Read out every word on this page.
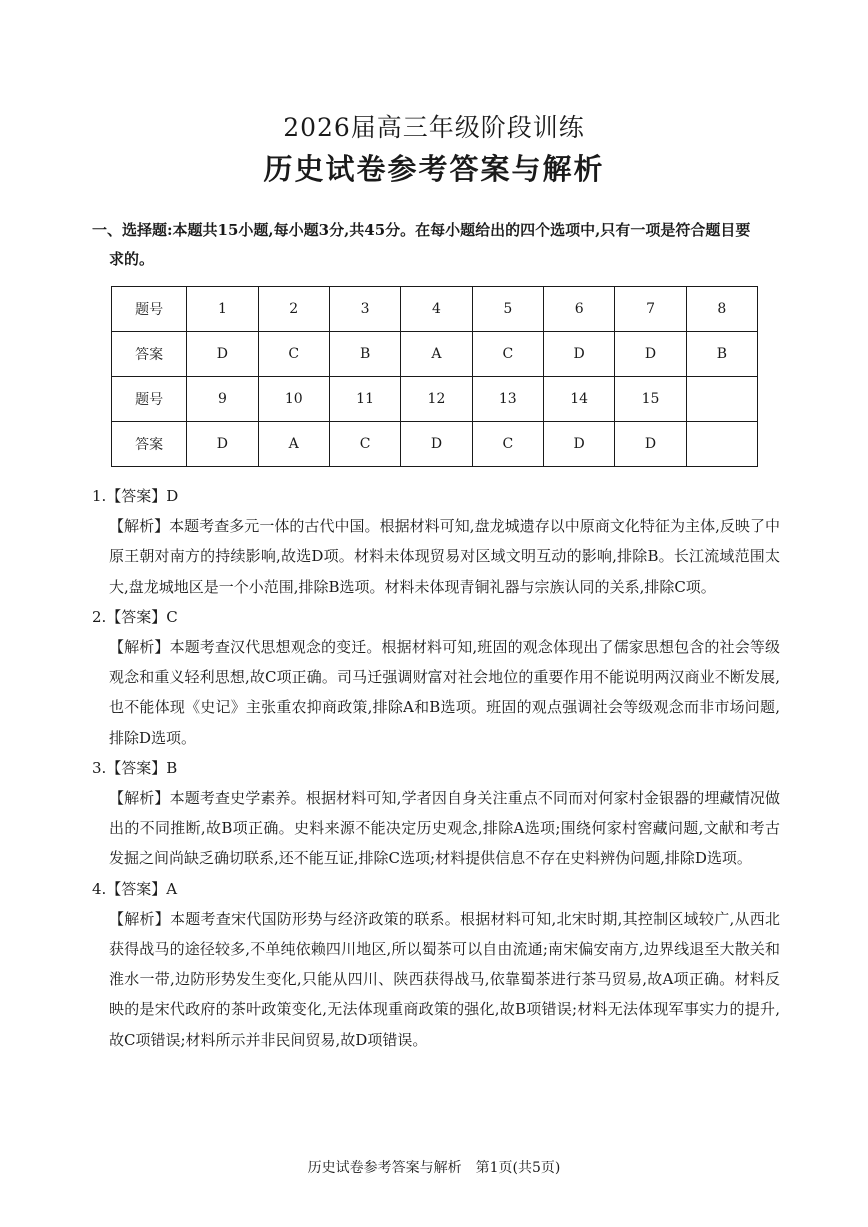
2026届高三年级阶段训练
历史试卷参考答案与解析
一、选择题:本题共15小题,每小题3分,共45分。在每小题给出的四个选项中,只有一项是符合题目要
求的。
题号	1	2	3	4	5	6	7	8
答案	D	C	B	A	C	D	D	B
题号	9	10	11	12	13	14	15	
答案	D	A	C	D	C	D	D	
1.【答案】D
【解析】本题考查多元一体的古代中国。根据材料可知,盘龙城遗存以中原商文化特征为主体,反映了中原王朝对南方的持续影响,故选D项。材料未体现贸易对区域文明互动的影响,排除B。长江流域范围太大,盘龙城地区是一个小范围,排除B选项。材料未体现青铜礼器与宗族认同的关系,排除C项。
2.【答案】C
【解析】本题考查汉代思想观念的变迁。根据材料可知,班固的观念体现出了儒家思想包含的社会等级观念和重义轻利思想,故C项正确。司马迁强调财富对社会地位的重要作用不能说明两汉商业不断发展,也不能体现《史记》主张重农抑商政策,排除A和B选项。班固的观点强调社会等级观念而非市场问题,排除D选项。
3.【答案】B
【解析】本题考查史学素养。根据材料可知,学者因自身关注重点不同而对何家村金银器的埋藏情况做出的不同推断,故B项正确。史料来源不能决定历史观念,排除A选项;围绕何家村窖藏问题,文献和考古发掘之间尚缺乏确切联系,还不能互证,排除C选项;材料提供信息不存在史料辨伪问题,排除D选项。
4.【答案】A
【解析】本题考查宋代国防形势与经济政策的联系。根据材料可知,北宋时期,其控制区域较广,从西北获得战马的途径较多,不单纯依赖四川地区,所以蜀茶可以自由流通;南宋偏安南方,边界线退至大散关和淮水一带,边防形势发生变化,只能从四川、陕西获得战马,依靠蜀茶进行茶马贸易,故A项正确。材料反映的是宋代政府的茶叶政策变化,无法体现重商政策的强化,故B项错误;材料无法体现军事实力的提升,故C项错误;材料所示并非民间贸易,故D项错误。
历史试卷参考答案与解析　第1页(共5页)
